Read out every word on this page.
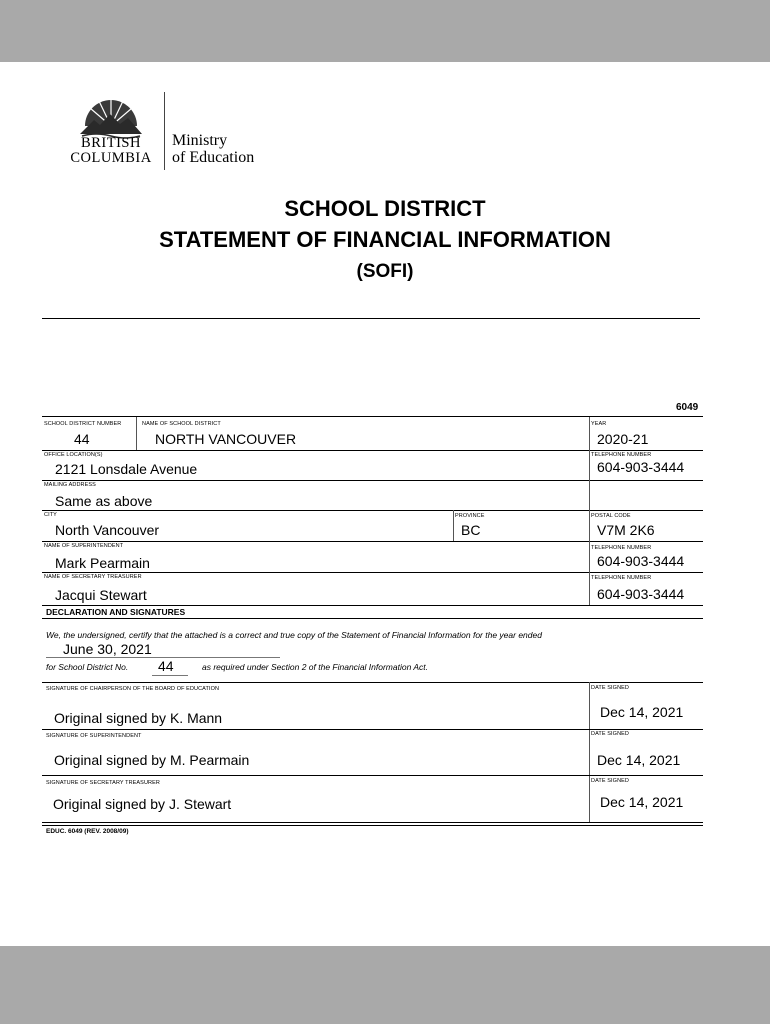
BRITISH
COLUMBIA
Ministry
of Education
SCHOOL DISTRICT
STATEMENT OF FINANCIAL INFORMATION
(SOFI)
6049
SCHOOL DISTRICT NUMBER	NAME OF SCHOOL DISTRICT	YEAR
44	NORTH VANCOUVER	2020-21
OFFICE LOCATION(S)	TELEPHONE NUMBER
2121 Lonsdale Avenue	604-903-3444
MAILING ADDRESS
Same as above
CITY	PROVINCE	POSTAL CODE
North Vancouver	BC	V7M 2K6
NAME OF SUPERINTENDENT	TELEPHONE NUMBER
Mark Pearmain	604-903-3444
NAME OF SECRETARY TREASURER	TELEPHONE NUMBER
Jacqui Stewart	604-903-3444
DECLARATION AND SIGNATURES
We, the undersigned, certify that the attached is a correct and true copy of the Statement of Financial Information for the year ended
June 30, 2021
for School District No. 44	as required under Section 2 of the Financial Information Act.
SIGNATURE OF CHAIRPERSON OF THE BOARD OF EDUCATION	DATE SIGNED
Original signed by K. Mann	Dec 14, 2021
SIGNATURE OF SUPERINTENDENT	DATE SIGNED
Original signed by M. Pearmain	Dec 14, 2021
SIGNATURE OF SECRETARY TREASURER	DATE SIGNED
Original signed by J. Stewart	Dec 14, 2021
EDUC. 6049 (REV. 2008/09)
